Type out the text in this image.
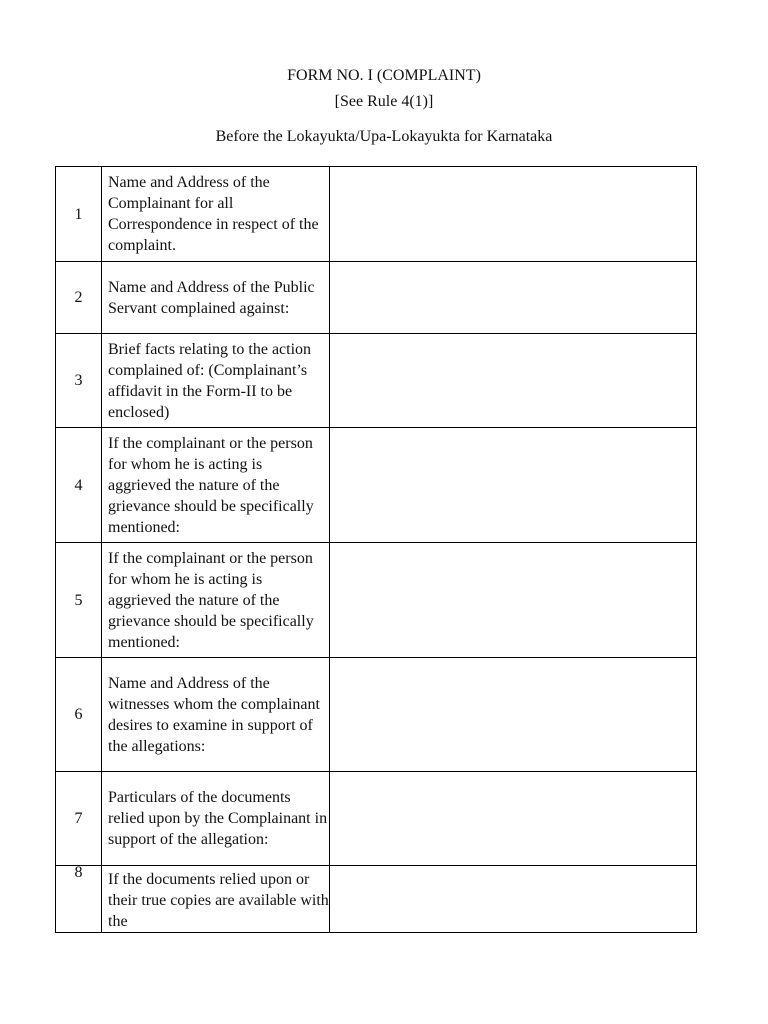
FORM NO. I (COMPLAINT)
[See Rule 4(1)]
Before the Lokayukta/Upa-Lokayukta for Karnataka
1	Name and Address of the Complainant for all Correspondence in respect of the complaint.	
2	Name and Address of the Public Servant complained against:	
3	Brief facts relating to the action complained of: (Complainant’s affidavit in the Form-II to be enclosed)	
4	If the complainant or the person for whom he is acting is aggrieved the nature of the grievance should be specifically mentioned:	
5	If the complainant or the person for whom he is acting is aggrieved the nature of the grievance should be specifically mentioned:	
6	Name and Address of the witnesses whom the complainant desires to examine in support of the allegations:	
7	Particulars of the documents relied upon by the Complainant in support of the allegation:	
8	If the documents relied upon or their true copies are available with the	
